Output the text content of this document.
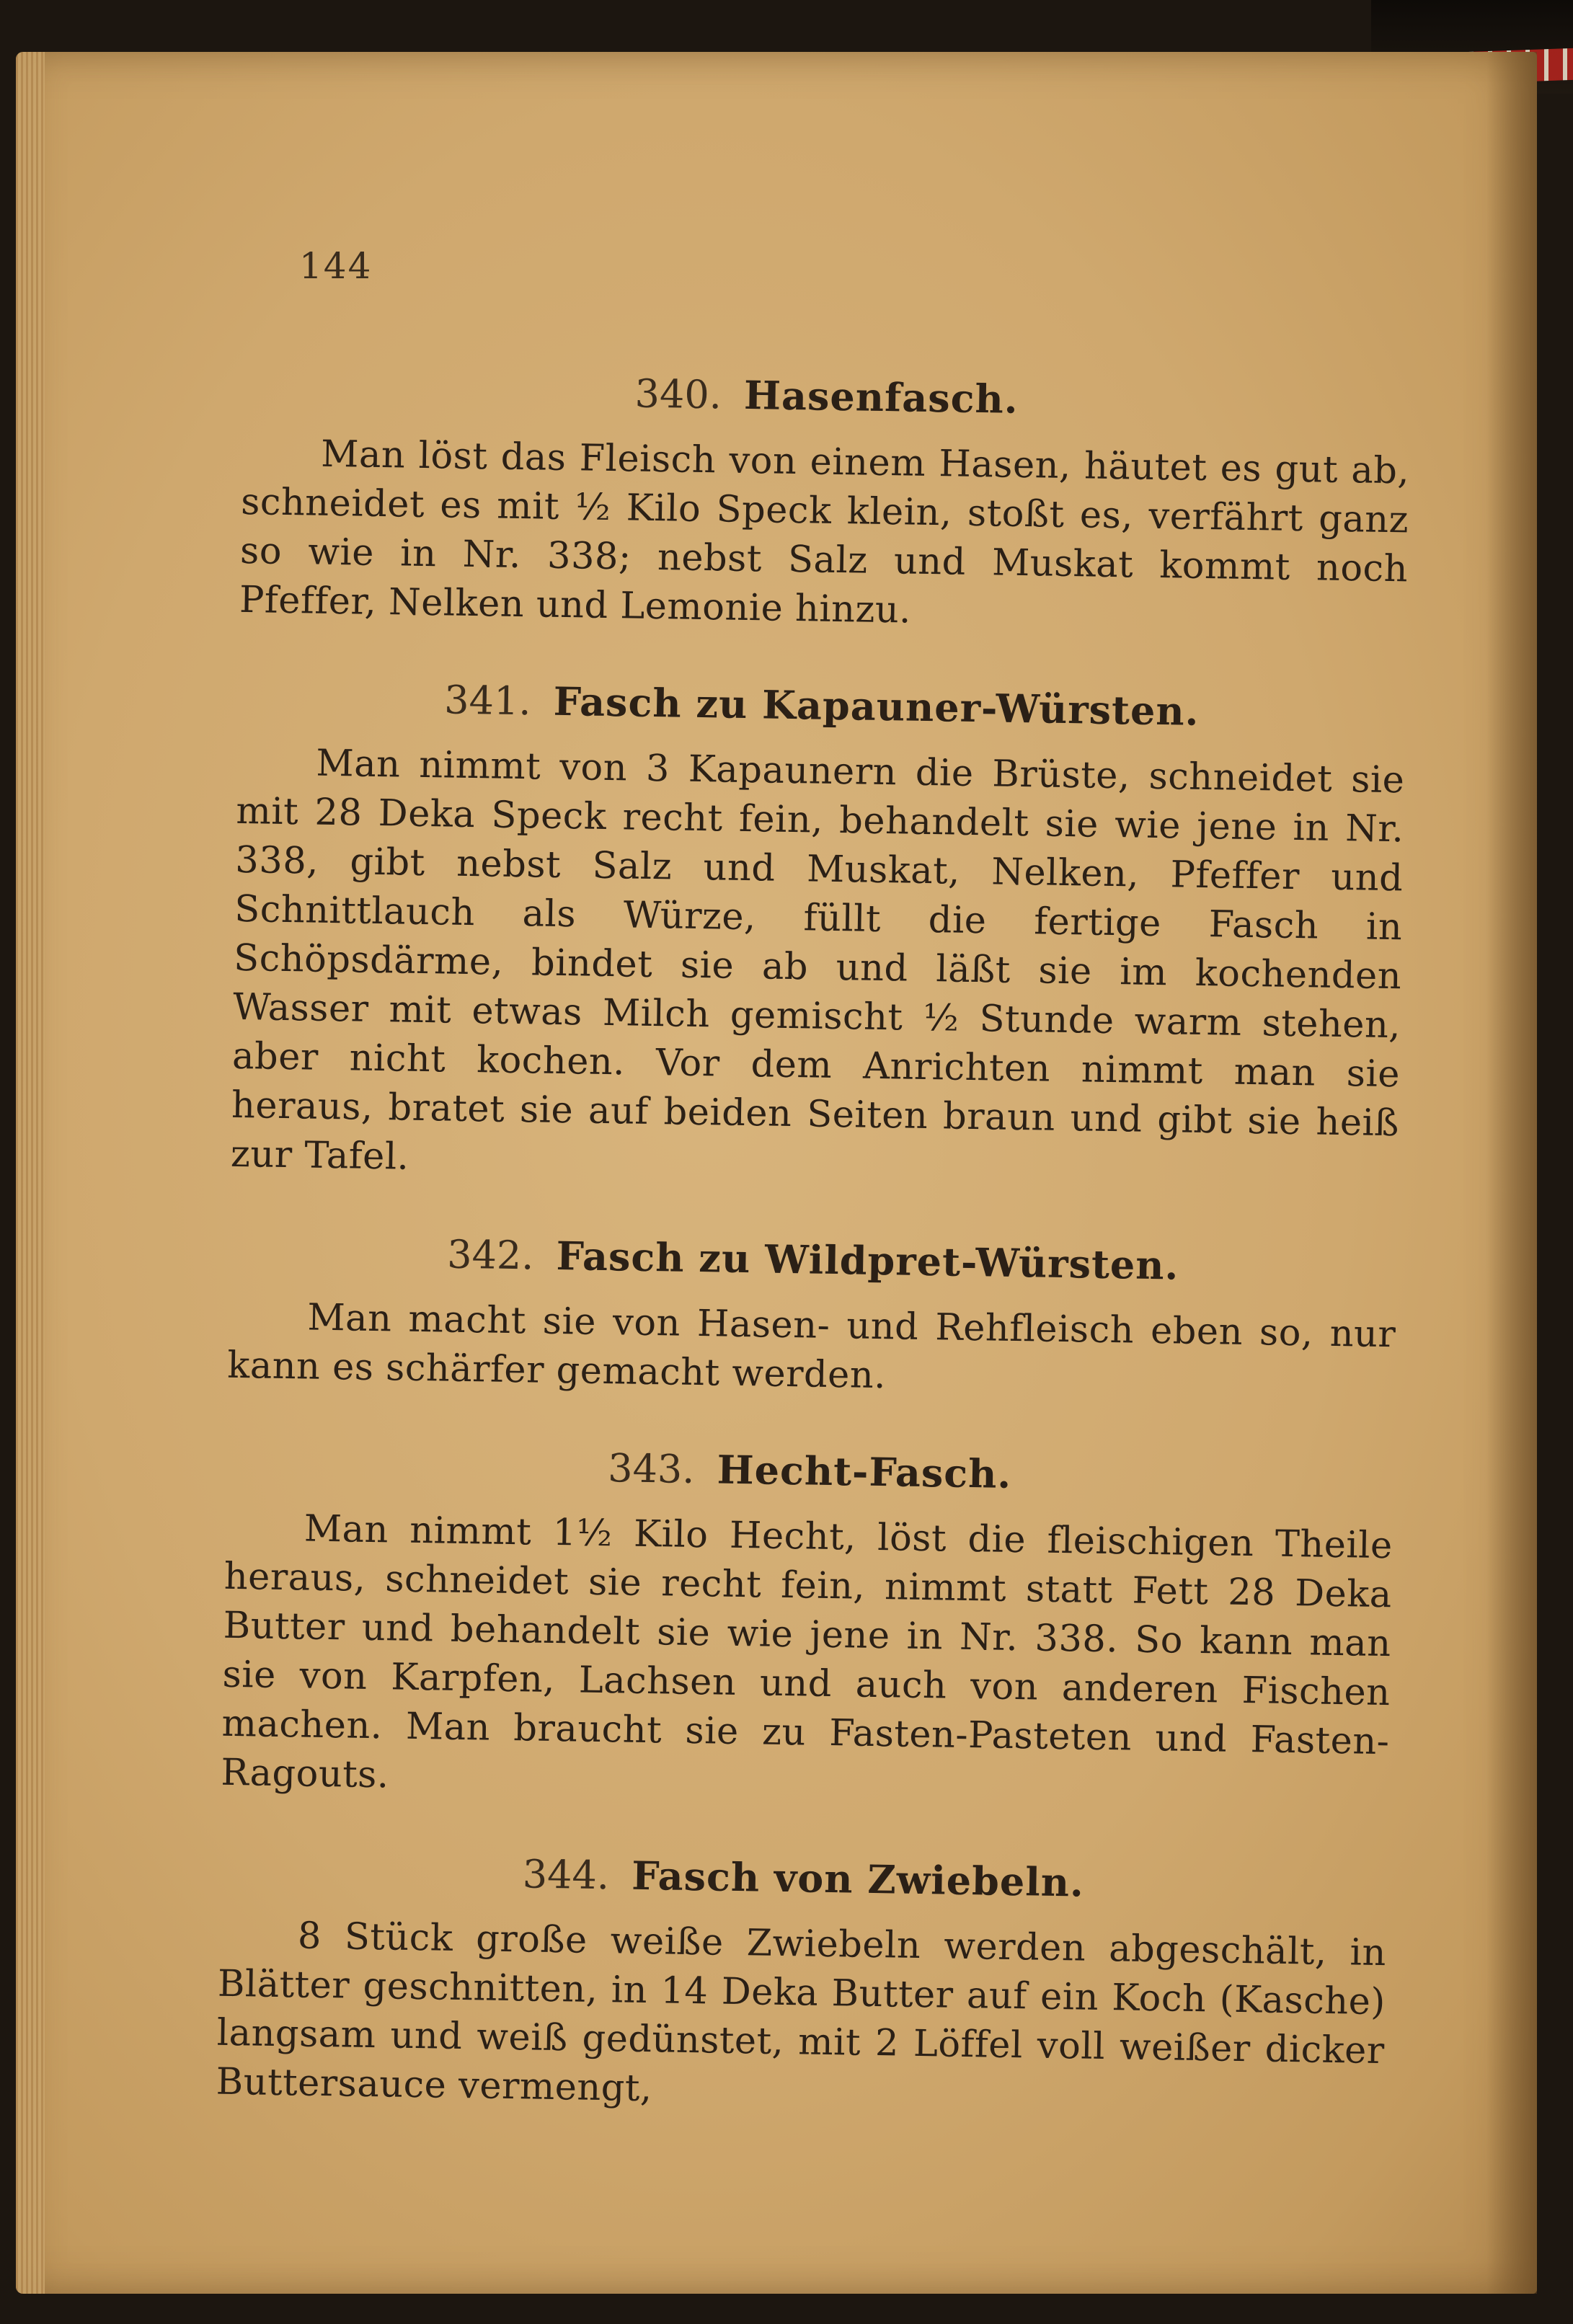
144
340. Hasenfasch.

Man löst das Fleisch von einem Hasen, häutet es gut ab, schneidet es mit ½ Kilo Speck klein, stoßt es, verfährt ganz so wie in Nr. 338; nebst Salz und Muskat kommt noch Pfeffer, Nelken und Lemonie hinzu.

341. Fasch zu Kapauner-Würsten.

Man nimmt von 3 Kapaunern die Brüste, schneidet sie mit 28 Deka Speck recht fein, behandelt sie wie jene in Nr. 338, gibt nebst Salz und Muskat, Nelken, Pfeffer und Schnittlauch als Würze, füllt die fertige Fasch in Schöpsdärme, bindet sie ab und läßt sie im kochenden Wasser mit etwas Milch gemischt ½ Stunde warm stehen, aber nicht kochen. Vor dem Anrichten nimmt man sie heraus, bratet sie auf beiden Seiten braun und gibt sie heiß zur Tafel.

342. Fasch zu Wildpret-Würsten.

Man macht sie von Hasen- und Rehfleisch eben so, nur kann es schärfer gemacht werden.

343. Hecht-Fasch.

Man nimmt 1½ Kilo Hecht, löst die fleischigen Theile heraus, schneidet sie recht fein, nimmt statt Fett 28 Deka Butter und behandelt sie wie jene in Nr. 338. So kann man sie von Karpfen, Lachsen und auch von anderen Fischen machen. Man braucht sie zu Fasten-Pasteten und Fasten-Ragouts.

344. Fasch von Zwiebeln.

8 Stück große weiße Zwiebeln werden abgeschält, in Blätter geschnitten, in 14 Deka Butter auf ein Koch (Kasche) langsam und weiß gedünstet, mit 2 Löffel voll weißer dicker Buttersauce vermengt,
